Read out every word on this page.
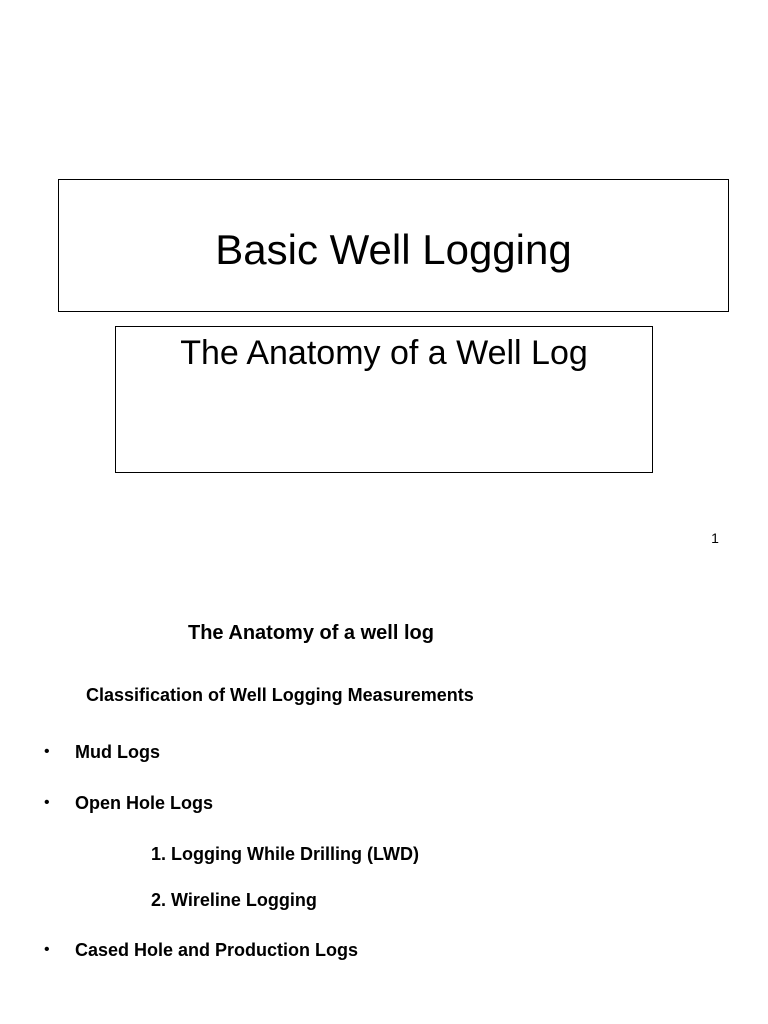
Basic Well Logging
The Anatomy of a Well Log
1
The Anatomy of a well log
Classification of Well Logging Measurements
• Mud Logs
• Open Hole Logs
1. Logging While Drilling (LWD)
2. Wireline Logging
• Cased Hole and Production Logs
